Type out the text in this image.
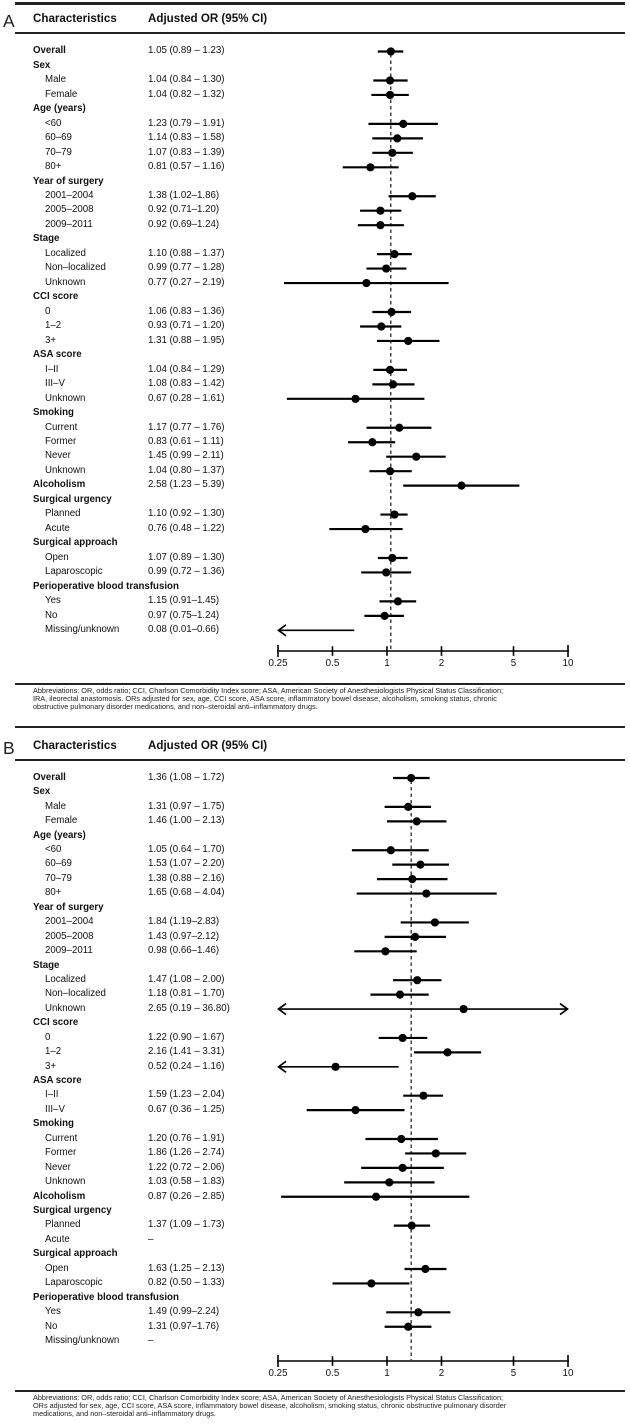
A Characteristics	Adjusted OR (95% CI)
Overall	1.05 (0.89 – 1.23)
Sex
Male	1.04 (0.84 – 1.30)
Female	1.04 (0.82 – 1.32)
Age (years)
<60	1.23 (0.79 – 1.91)
60–69	1.14 (0.83 – 1.58)
70–79	1.07 (0.83 – 1.39)
80+	0.81 (0.57 – 1.16)
Year of surgery
2001–2004	1.38 (1.02–1.86)
2005–2008	0.92 (0.71–1.20)
2009–2011	0.92 (0.69–1.24)
Stage
Localized	1.10 (0.88 – 1.37)
Non–localized	0.99 (0.77 – 1.28)
Unknown	0.77 (0.27 – 2.19)
CCI score
0	1.06 (0.83 – 1.36)
1–2	0.93 (0.71 – 1.20)
3+	1.31 (0.88 – 1.95)
ASA score
I–II	1.04 (0.84 – 1.29)
III–V	1.08 (0.83 – 1.42)
Unknown	0.67 (0.28 – 1.61)
Smoking
Current	1.17 (0.77 – 1.76)
Former	0.83 (0.61 – 1.11)
Never	1.45 (0.99 – 2.11)
Unknown	1.04 (0.80 – 1.37)
Alcoholism	2.58 (1.23 – 5.39)
Surgical urgency
Planned	1.10 (0.92 – 1.30)
Acute	0.76 (0.48 – 1.22)
Surgical approach
Open	1.07 (0.89 – 1.30)
Laparoscopic	0.99 (0.72 – 1.36)
Perioperative blood transfusion
Yes	1.15 (0.91–1.45)
No	0.97 (0.75–1.24)
Missing/unknown	0.08 (0.01–0.66)
Abbreviations: OR, odds ratio; CCI, Charlson Comorbidity Index score; ASA, American Society of Anesthesiologists Physical Status Classification;
IRA, ileorectal anastomosis. ORs adjusted for sex, age, CCI score, ASA score, inflammatory bowel disease, alcoholism, smoking status, chronic
obstructive pulmonary disorder medications, and non–steroidal anti–inflammatory drugs.
0.25	0.5	1	2	5	10
B Characteristics	Adjusted OR (95% CI)
Overall	1.36 (1.08 – 1.72)
Sex
Male	1.31 (0.97 – 1.75)
Female	1.46 (1.00 – 2.13)
Age (years)
<60	1.05 (0.64 – 1.70)
60–69	1.53 (1.07 – 2.20)
70–79	1.38 (0.88 – 2.16)
80+	1.65 (0.68 – 4.04)
Year of surgery
2001–2004	1.84 (1.19–2.83)
2005–2008	1.43 (0.97–2.12)
2009–2011	0.98 (0.66–1.46)
Stage
Localized	1.47 (1.08 – 2.00)
Non–localized	1.18 (0.81 – 1.70)
Unknown	2.65 (0.19 – 36.80)
CCI score
0	1.22 (0.90 – 1.67)
1–2	2.16 (1.41 – 3.31)
3+	0.52 (0.24 – 1.16)
ASA score
I–II	1.59 (1.23 – 2.04)
III–V	0.67 (0.36 – 1.25)
Smoking
Current	1.20 (0.76 – 1.91)
Former	1.86 (1.26 – 2.74)
Never	1.22 (0.72 – 2.06)
Unknown	1.03 (0.58 – 1.83)
Alcoholism	0.87 (0.26 – 2.85)
Surgical urgency
Planned	1.37 (1.09 – 1.73)
Acute	–
Surgical approach
Open	1.63 (1.25 – 2.13)
Laparoscopic	0.82 (0.50 – 1.33)
Perioperative blood transfusion
Yes	1.49 (0.99–2.24)
No	1.31 (0.97–1.76)
Missing/unknown	–
Abbreviations: OR, odds ratio; CCI, Charlson Comorbidity Index score; ASA, American Society of Anesthesiologists Physical Status Classification;
ORs adjusted for sex, age, CCI score, ASA score, inflammatory bowel disease, alcoholism, smoking status, chronic obstructive pulmonary disorder
medications, and non–steroidal anti–inflammatory drugs.
0.25	0.5	1	2	5	10
